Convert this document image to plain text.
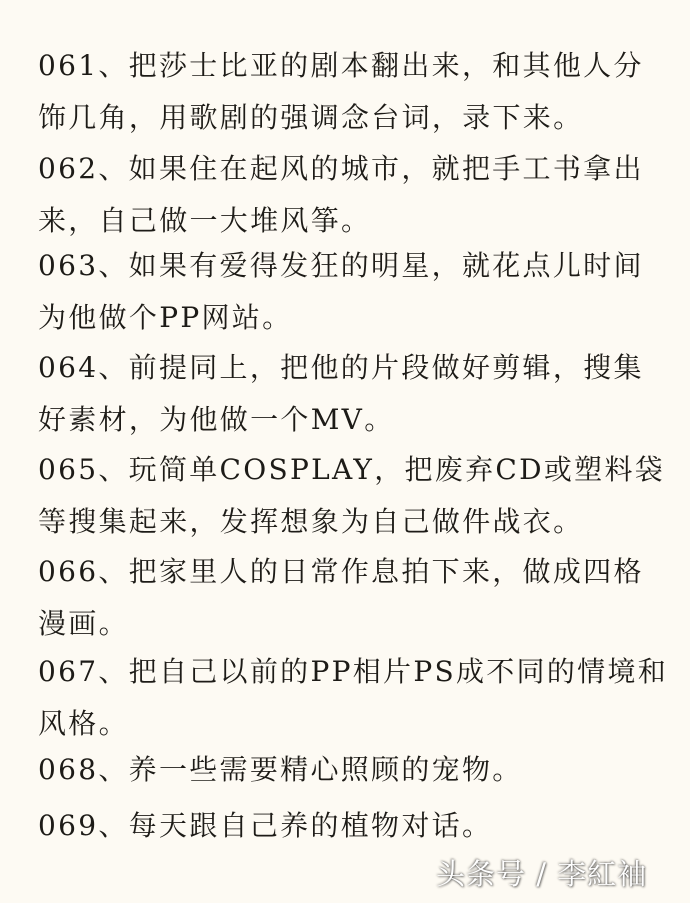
061、把莎士比亚的剧本翻出来，和其他人分
饰几角，用歌剧的强调念台词，录下来。
062、如果住在起风的城市，就把手工书拿出
来，自己做一大堆风筝。
063、如果有爱得发狂的明星，就花点儿时间
为他做个PP网站。
064、前提同上，把他的片段做好剪辑，搜集
好素材，为他做一个MV。
065、玩简单COSPLAY，把废弃CD或塑料袋
等搜集起来，发挥想象为自己做件战衣。
066、把家里人的日常作息拍下来，做成四格
漫画。
067、把自己以前的PP相片PS成不同的情境和
风格。
068、养一些需要精心照顾的宠物。
069、每天跟自己养的植物对话。
头条号 / 李紅袖
